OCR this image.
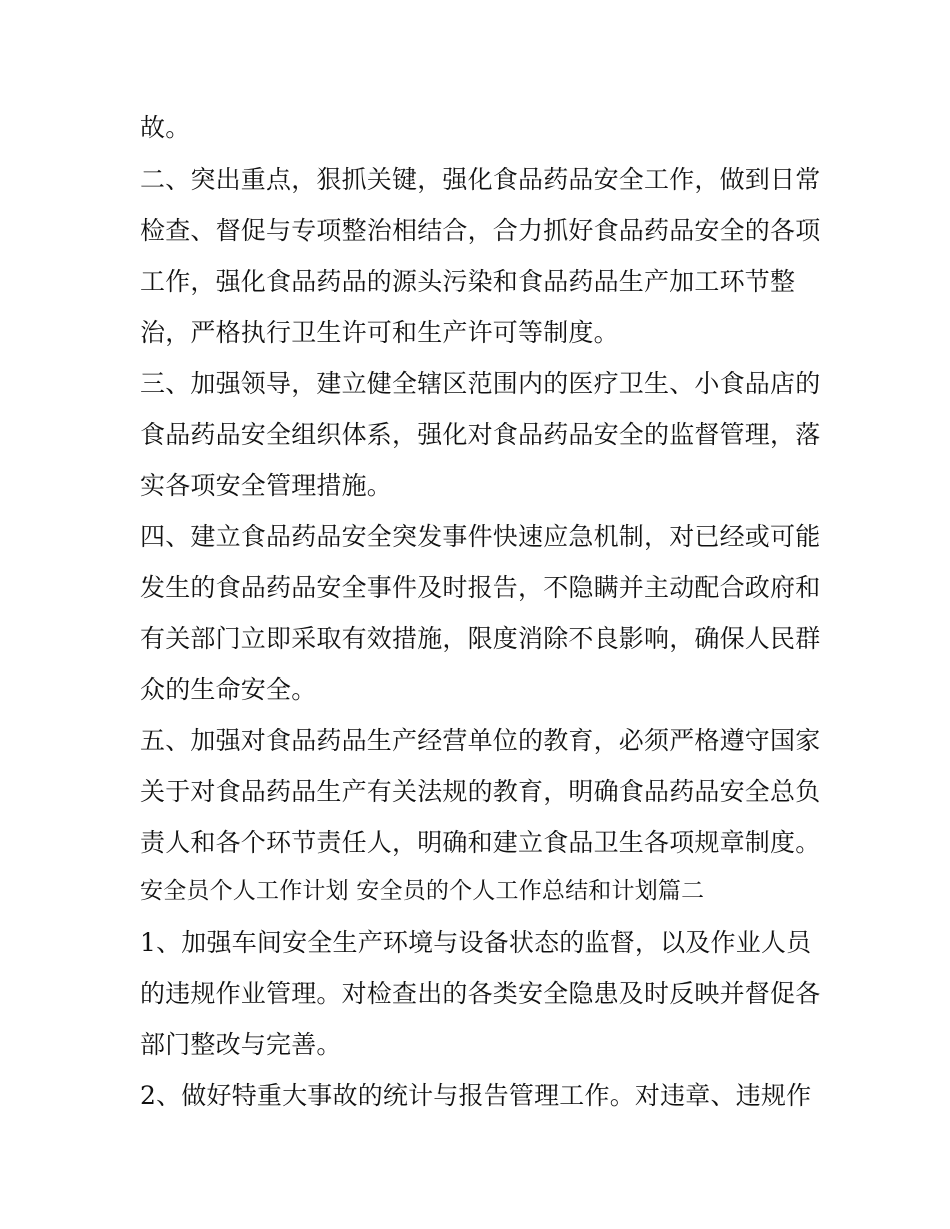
故。
二、突出重点，狠抓关键，强化食品药品安全工作，做到日常
检查、督促与专项整治相结合，合力抓好食品药品安全的各项
工作，强化食品药品的源头污染和食品药品生产加工环节整
治，严格执行卫生许可和生产许可等制度。
三、加强领导，建立健全辖区范围内的医疗卫生、小食品店的
食品药品安全组织体系，强化对食品药品安全的监督管理，落
实各项安全管理措施。
四、建立食品药品安全突发事件快速应急机制，对已经或可能
发生的食品药品安全事件及时报告，不隐瞒并主动配合政府和
有关部门立即采取有效措施，限度消除不良影响，确保人民群
众的生命安全。
五、加强对食品药品生产经营单位的教育，必须严格遵守国家
关于对食品药品生产有关法规的教育，明确食品药品安全总负
责人和各个环节责任人，明确和建立食品卫生各项规章制度。
安全员个人工作计划 安全员的个人工作总结和计划篇二
1、加强车间安全生产环境与设备状态的监督，以及作业人员
的违规作业管理。对检查出的各类安全隐患及时反映并督促各
部门整改与完善。
2、做好特重大事故的统计与报告管理工作。对违章、违规作
